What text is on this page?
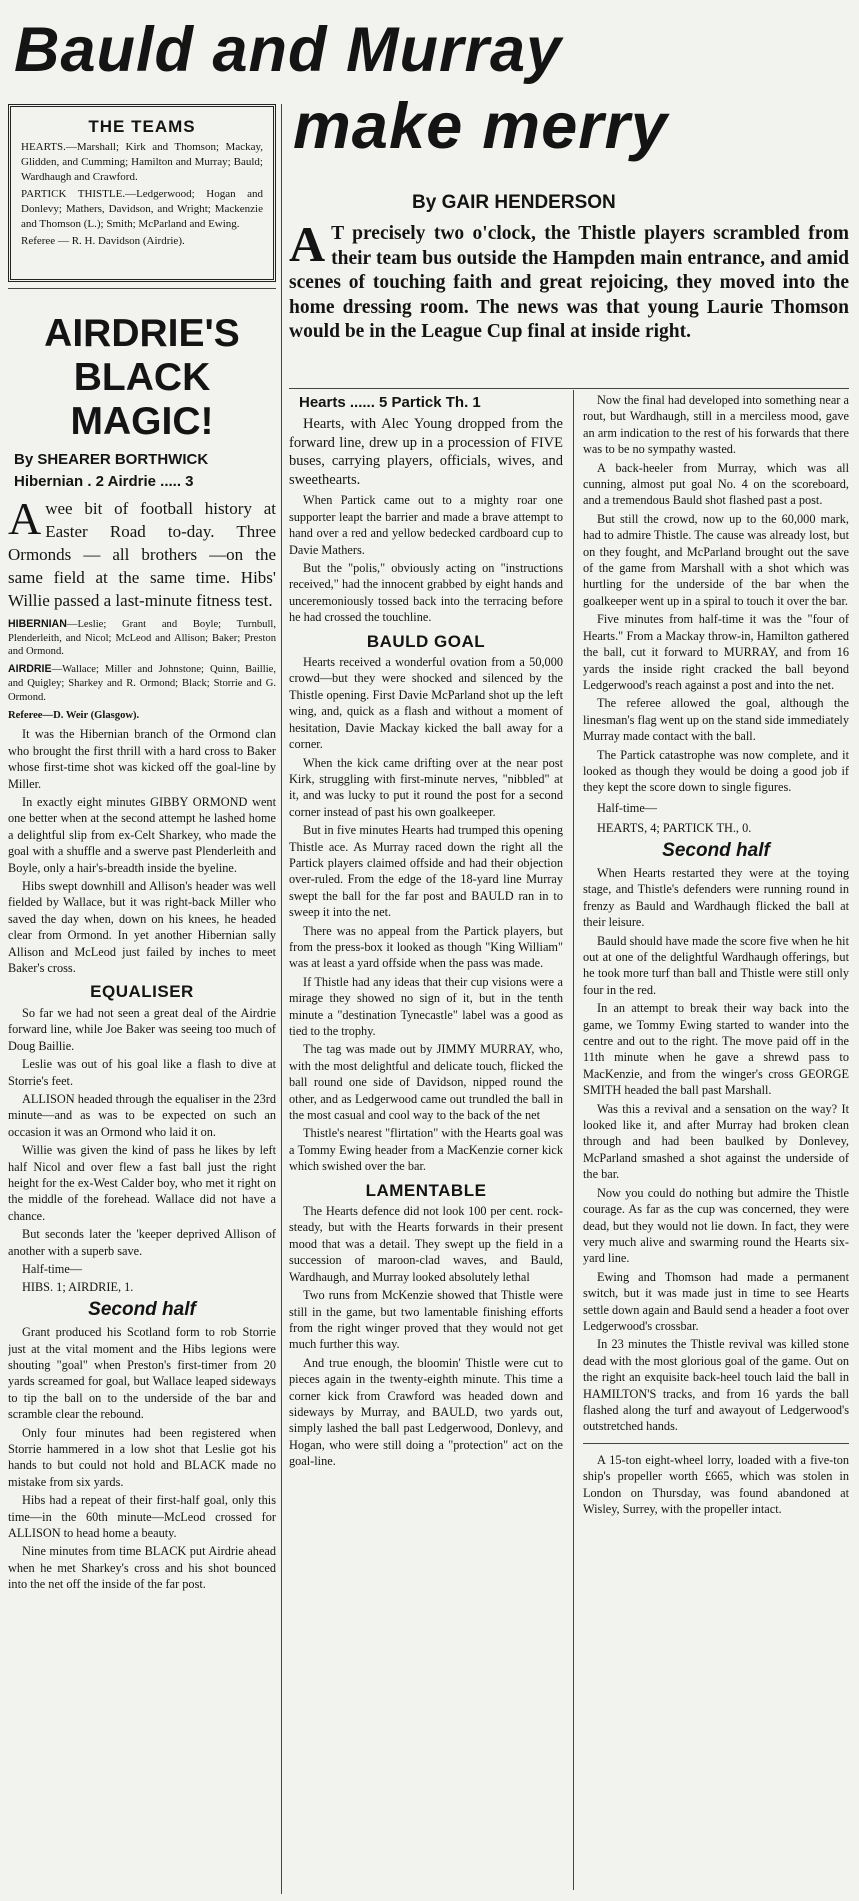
Bauld and Murray
make merry
By GAIR HENDERSON
THE TEAMS

HEARTS.—Marshall; Kirk and Thomson; Mackay, Glidden, and Cumming; Hamilton and Murray; Bauld; Wardhaugh and Crawford.

PARTICK THISTLE.—Ledgerwood; Hogan and Donlevy; Mathers, Davidson, and Wright; Mackenzie and Thomson (L.); Smith; McParland and Ewing.

Referee — R. H. Davidson (Airdrie).

AIRDRIE'S
BLACK
MAGIC!
By SHEARER BORTHWICK
Hibernian . 2 Airdrie ..... 3
Awee bit of football history at Easter Road to-day. Three Ormonds — all brothers —on the same field at the same time. Hibs' Willie passed a last-minute fitness test.
HIBERNIAN—Leslie; Grant and Boyle; Turnbull, Plenderleith, and Nicol; McLeod and Allison; Baker; Preston and Ormond.
AIRDRIE—Wallace; Miller and Johnstone; Quinn, Baillie, and Quigley; Sharkey and R. Ormond; Black; Storrie and G. Ormond.
Referee—D. Weir (Glasgow).

It was the Hibernian branch of the Ormond clan who brought the first thrill with a hard cross to Baker whose first-time shot was kicked off the goal-line by Miller.

In exactly eight minutes GIBBY ORMOND went one better when at the second attempt he lashed home a delightful slip from ex-Celt Sharkey, who made the goal with a shuffle and a swerve past Plenderleith and Boyle, only a hair's-breadth inside the byeline.

Hibs swept downhill and Allison's header was well fielded by Wallace, but it was right-back Miller who saved the day when, down on his knees, he headed clear from Ormond. In yet another Hibernian sally Allison and McLeod just failed by inches to meet Baker's cross.

EQUALISER

So far we had not seen a great deal of the Airdrie forward line, while Joe Baker was seeing too much of Doug Baillie.

Leslie was out of his goal like a flash to dive at Storrie's feet.

ALLISON headed through the equaliser in the 23rd minute—and as was to be expected on such an occasion it was an Ormond who laid it on.

Willie was given the kind of pass he likes by left half Nicol and over flew a fast ball just the right height for the ex-West Calder boy, who met it right on the middle of the forehead. Wallace did not have a chance.

But seconds later the 'keeper deprived Allison of another with a superb save.

Half-time—
HIBS. 1; AIRDRIE, 1.
Second half

Grant produced his Scotland form to rob Storrie just at the vital moment and the Hibs legions were shouting "goal" when Preston's first-timer from 20 yards screamed for goal, but Wallace leaped sideways to tip the ball on to the underside of the bar and scramble clear the rebound.

Only four minutes had been registered when Storrie hammered in a low shot that Leslie got his hands to but could not hold and BLACK made no mistake from six yards.

Hibs had a repeat of their first-half goal, only this time—in the 60th minute—McLeod crossed for ALLISON to head home a beauty.

Nine minutes from time BLACK put Airdrie ahead when he met Sharkey's cross and his shot bounced into the net off the inside of the far post.

A T precisely two o'clock, the Thistle players scrambled from their team bus outside the Hampden main entrance, and amid scenes of touching faith and great rejoicing, they moved into the home dressing room. The news was that young Laurie Thomson would be in the League Cup final at inside right.
Hearts ...... 5 Partick Th. 1

Hearts, with Alec Young dropped from the forward line, drew up in a procession of FIVE buses, carrying players, officials, wives, and sweethearts.

When Partick came out to a mighty roar one supporter leapt the barrier and made a brave attempt to hand over a red and yellow bedecked cardboard cup to Davie Mathers.

But the "polis," obviously acting on "instructions received," had the innocent grabbed by eight hands and unceremoniously tossed back into the terracing before he had crossed the touchline.

BAULD GOAL

Hearts received a wonderful ovation from a 50,000 crowd—but they were shocked and silenced by the Thistle opening. First Davie McParland shot up the left wing, and, quick as a flash and without a moment of hesitation, Davie Mackay kicked the ball away for a corner.

When the kick came drifting over at the near post Kirk, struggling with first-minute nerves, "nibbled" at it, and was lucky to put it round the post for a second corner instead of past his own goalkeeper.

But in five minutes Hearts had trumped this opening Thistle ace. As Murray raced down the right all the Partick players claimed offside and had their objection over-ruled. From the edge of the 18-yard line Murray swept the ball for the far post and BAULD ran in to sweep it into the net.

There was no appeal from the Partick players, but from the press-box it looked as though "King William" was at least a yard offside when the pass was made.

If Thistle had any ideas that their cup visions were a mirage they showed no sign of it, but in the tenth minute a "destination Tynecastle" label was a good as tied to the trophy.

The tag was made out by JIMMY MURRAY, who, with the most delightful and delicate touch, flicked the ball round one side of Davidson, nipped round the other, and as Ledgerwood came out trundled the ball in the most casual and cool way to the back of the net

Thistle's nearest "flirtation" with the Hearts goal was a Tommy Ewing header from a MacKenzie corner kick which swished over the bar.

LAMENTABLE

The Hearts defence did not look 100 per cent. rock-steady, but with the Hearts forwards in their present mood that was a detail. They swept up the field in a succession of maroon-clad waves, and Bauld, Wardhaugh, and Murray looked absolutely lethal

Two runs from McKenzie showed that Thistle were still in the game, but two lamentable finishing efforts from the right winger proved that they would not get much further this way.

And true enough, the bloomin' Thistle were cut to pieces again in the twenty-eighth minute. This time a corner kick from Crawford was headed down and sideways by Murray, and BAULD, two yards out, simply lashed the ball past Ledgerwood, Donlevy, and Hogan, who were still doing a "protection" act on the goal-line.

Now the final had developed into something near a rout, but Wardhaugh, still in a merciless mood, gave an arm indication to the rest of his forwards that there was to be no sympathy wasted.

A back-heeler from Murray, which was all cunning, almost put goal No. 4 on the scoreboard, and a tremendous Bauld shot flashed past a post.

But still the crowd, now up to the 60,000 mark, had to admire Thistle. The cause was already lost, but on they fought, and McParland brought out the save of the game from Marshall with a shot which was hurtling for the underside of the bar when the goalkeeper went up in a spiral to touch it over the bar.

Five minutes from half-time it was the "four of Hearts." From a Mackay throw-in, Hamilton gathered the ball, cut it forward to MURRAY, and from 16 yards the inside right cracked the ball beyond Ledgerwood's reach against a post and into the net.

The referee allowed the goal, although the linesman's flag went up on the stand side immediately Murray made contact with the ball.

The Partick catastrophe was now complete, and it looked as though they would be doing a good job if they kept the score down to single figures.

Half-time—
HEARTS, 4; PARTICK TH., 0.
Second half

When Hearts restarted they were at the toying stage, and Thistle's defenders were running round in frenzy as Bauld and Wardhaugh flicked the ball at their leisure.

Bauld should have made the score five when he hit out at one of the delightful Wardhaugh offerings, but he took more turf than ball and Thistle were still only four in the red.

In an attempt to break their way back into the game, we Tommy Ewing started to wander into the centre and out to the right. The move paid off in the 11th minute when he gave a shrewd pass to MacKenzie, and from the winger's cross GEORGE SMITH headed the ball past Marshall.

Was this a revival and a sensation on the way? It looked like it, and after Murray had broken clean through and had been baulked by Donlevey, McParland smashed a shot against the underside of the bar.

Now you could do nothing but admire the Thistle courage. As far as the cup was concerned, they were dead, but they would not lie down. In fact, they were very much alive and swarming round the Hearts six-yard line.

Ewing and Thomson had made a permanent switch, but it was made just in time to see Hearts settle down again and Bauld send a header a foot over Ledgerwood's crossbar.

In 23 minutes the Thistle revival was killed stone dead with the most glorious goal of the game. Out on the right an exquisite back-heel touch laid the ball in HAMILTON'S tracks, and from 16 yards the ball flashed along the turf and awayout of Ledgerwood's outstretched hands.

A 15-ton eight-wheel lorry, loaded with a five-ton ship's propeller worth £665, which was stolen in London on Thursday, was found abandoned at Wisley, Surrey, with the propeller intact.
